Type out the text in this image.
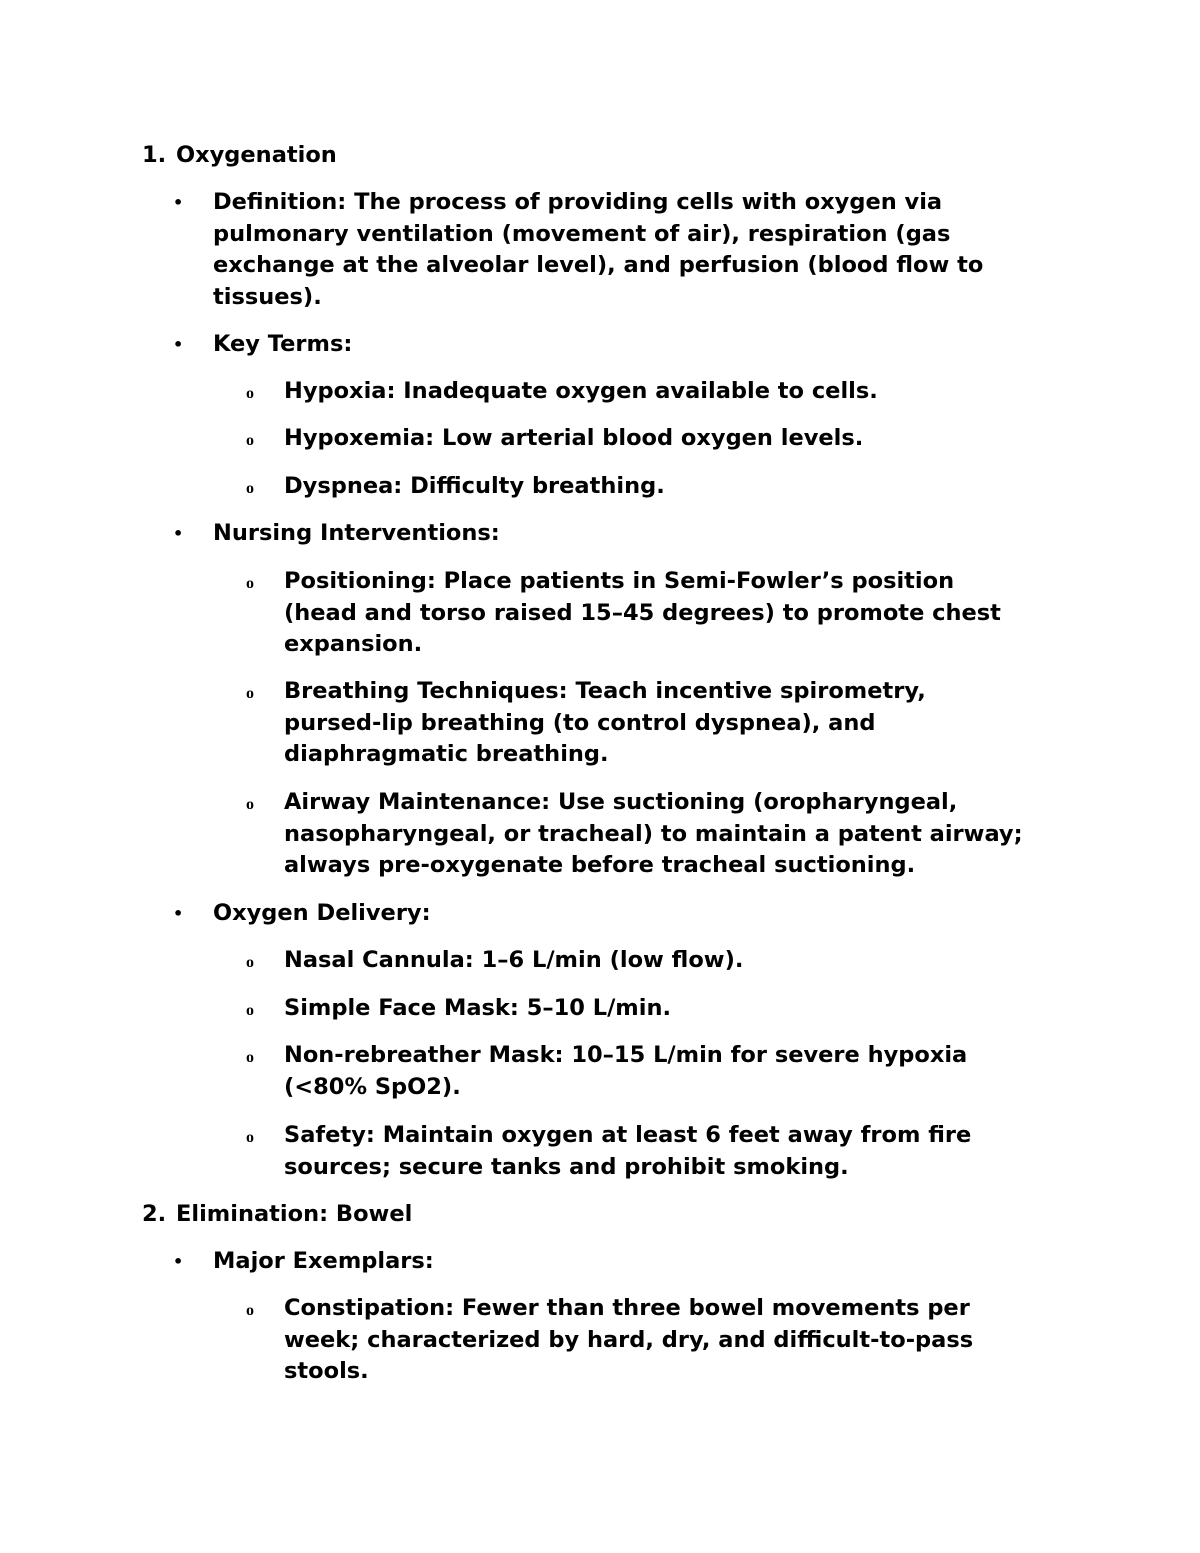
1. Oxygenation
•	Definition: The process of providing cells with oxygen via pulmonary ventilation (movement of air), respiration (gas exchange at the alveolar level), and perfusion (blood flow to tissues).
•	Key Terms:
o Hypoxia: Inadequate oxygen available to cells.
o Hypoxemia: Low arterial blood oxygen levels.
o Dyspnea: Difficulty breathing.
•	Nursing Interventions:
o Positioning: Place patients in Semi-Fowler’s position (head and torso raised 15–45 degrees) to promote chest expansion.
o Breathing Techniques: Teach incentive spirometry, pursed-lip breathing (to control dyspnea), and diaphragmatic breathing.
o Airway Maintenance: Use suctioning (oropharyngeal, nasopharyngeal, or tracheal) to maintain a patent airway; always pre-oxygenate before tracheal suctioning.
•	Oxygen Delivery:
o Nasal Cannula: 1–6 L/min (low flow).
o Simple Face Mask: 5–10 L/min.
o Non-rebreather Mask: 10–15 L/min for severe hypoxia (<80% SpO2).
o Safety: Maintain oxygen at least 6 feet away from fire sources; secure tanks and prohibit smoking.
2. Elimination: Bowel
•	Major Exemplars:
o Constipation: Fewer than three bowel movements per week; characterized by hard, dry, and difficult-to-pass stools.
